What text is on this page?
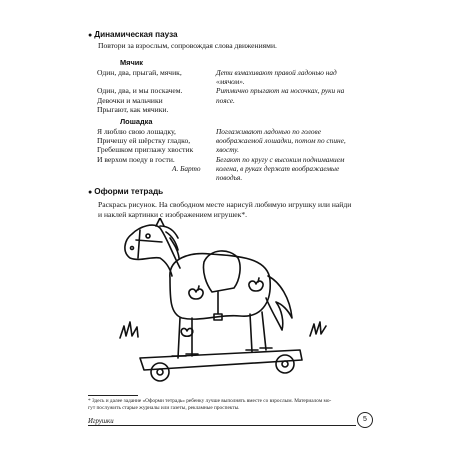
● Динамическая пауза
Повтори за взрослым, сопровождая слова движениями.
Мячик
Один, два, прыгай, мячик,

Один, два, и мы поскачем.
Девочки и мальчики
Прыгают, как мячики.
Дети взмахивают правой ладонью над
«мячом».
Ритмично прыгают на носочках, руки на
поясе.
Лошадка
Я люблю свою лошадку,
Причешу ей шёрстку гладко,
Гребешком приглажу хвостик
И верхом поеду в гости.
А. Барто
Поглаживают ладонью по голове
воображаемой лошадки, потом по спине,
хвосту.
Бегают по кругу с высоким подниманием
колена, в руках держат воображаемые
поводья.
● Оформи тетрадь
Раскрась рисунок. На свободном месте нарисуй любимую игрушку или найди
и наклей картинки с изображением игрушек*.
* Здесь и далее задание «Оформи тетрадь» ребенку лучше выполнять вместе со взрослым. Материалом мо-
гут послужить старые журналы или газеты, рекламные проспекты.
Игрушки	5
